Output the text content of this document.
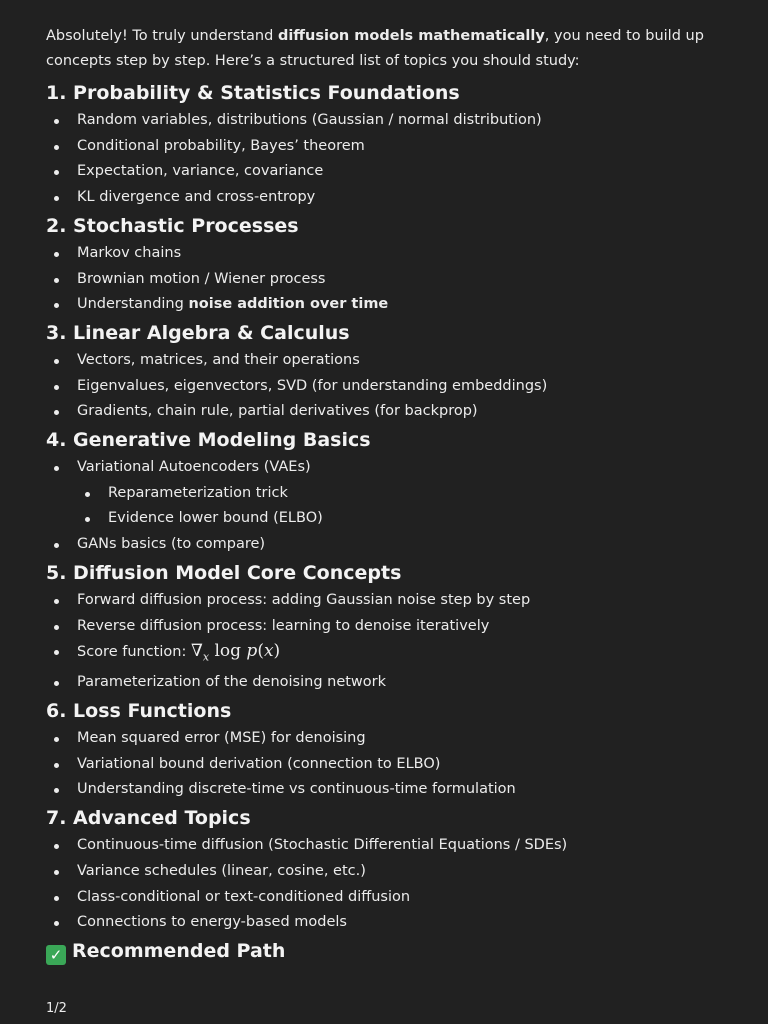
Absolutely! To truly understand diffusion models mathematically, you need to build up concepts step by step. Here’s a structured list of topics you should study:

1. Probability & Statistics Foundations
Random variables, distributions (Gaussian / normal distribution)
Conditional probability, Bayes’ theorem
Expectation, variance, covariance
KL divergence and cross-entropy
2. Stochastic Processes
Markov chains
Brownian motion / Wiener process
Understanding noise addition over time
3. Linear Algebra & Calculus
Vectors, matrices, and their operations
Eigenvalues, eigenvectors, SVD (for understanding embeddings)
Gradients, chain rule, partial derivatives (for backprop)
4. Generative Modeling Basics
Variational Autoencoders (VAEs)
Reparameterization trick
Evidence lower bound (ELBO)
GANs basics (to compare)
5. Diffusion Model Core Concepts
Forward diffusion process: adding Gaussian noise step by step
Reverse diffusion process: learning to denoise iteratively
Score function: $\nabla_x$ log p(x)
Parameterization of the denoising network
6. Loss Functions
Mean squared error (MSE) for denoising
Variational bound derivation (connection to ELBO)
Understanding discrete-time vs continuous-time formulation
7. Advanced Topics
Continuous-time diffusion (Stochastic Differential Equations / SDEs)
Variance schedules (linear, cosine, etc.)
Class-conditional or text-conditioned diffusion
Connections to energy-based models
✓ Recommended Path
1/2
